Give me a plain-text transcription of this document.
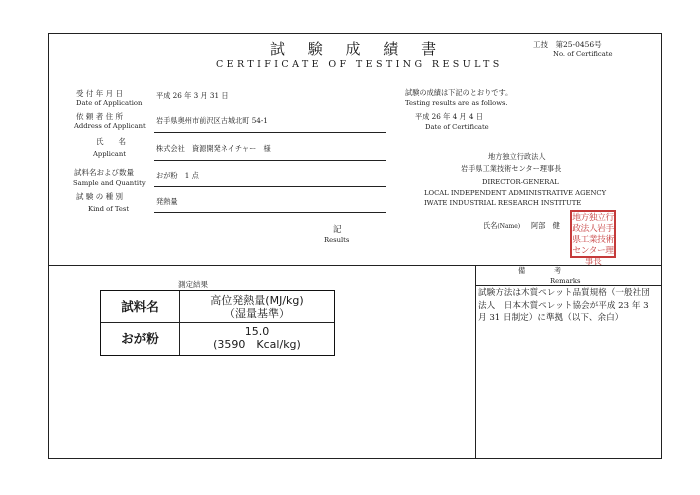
試 験 成 績 書
CERTIFICATE OF TESTING RESULTS
工技　第25-0456号
No. of Certificate
受 付 年 月 日
Date of Application
依 頼 者 住 所
Address of Applicant
氏　　名
Applicant
試料名および数量
Sample and Quantity
試 験 の 種 別
Kind of Test
平成 26 年 3 月 31 日
岩手県奥州市前沢区古城北町 54-1
株式会社　資源開発ネイチャー　様
おが粉　1 点
発熱量
記
Results
試験の成績は下記のとおりです。
Testing results are as follows.
平成 26 年 4 月 4 日
Date of Certificate
地方独立行政法人
岩手県工業技術センター理事長
DIRECTOR-GENERAL
LOCAL INDEPENDENT ADMINISTRATIVE AGENCY
IWATE INDUSTRIAL RESEARCH INSTITUTE
氏名(Name) 阿部　健
地方独立行政法人岩手県工業技術センター理事長
測定結果
試料名	高位発熱量(MJ/kg)
（湿量基準）
おが粉	15.0
(3590　Kcal/kg)
備　　　　考
Remarks
試験方法は木質ペレット品質規格（一般社団法人　日本木質ペレット協会が平成 23 年 3 月 31 日制定）に準拠（以下、余白）
